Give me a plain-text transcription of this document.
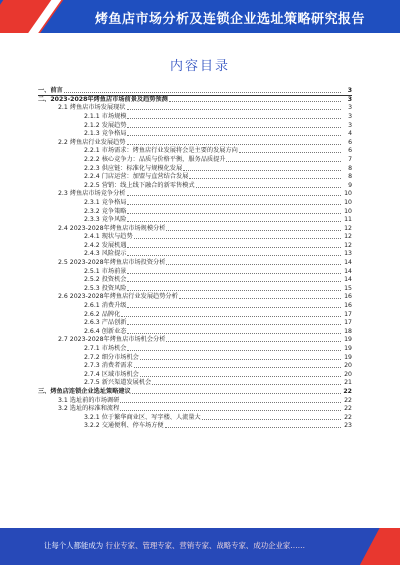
烤鱼店市场分析及连锁企业选址策略研究报告
内容目录
一、前言	3
二、2023-2028年烤鱼店市场前景及趋势预测	3
2.1 烤鱼店市场发展现状	3
2.1.1 市场规模	3
2.1.2 发展趋势	3
2.1.3 竞争格局	4
2.2 烤鱼店行业发展趋势	6
2.2.1 市场需求：烤鱼店行业发展将会是主要的发展方向	6
2.2.2 核心竞争力：品质与价格平衡，服务品质提升	7
2.2.3 供应链：标准化与规模化发展	8
2.2.4 门店运营：加盟与直营结合发展	8
2.2.5 营销：线上线下融合的新零售模式	9
2.3 烤鱼店市场竞争分析	10
2.3.1 竞争格局	10
2.3.2 竞争策略	10
2.3.3 竞争风险	11
2.4 2023-2028年烤鱼店市场规模分析	12
2.4.1 现状与趋势	12
2.4.2 发展机遇	12
2.4.3 风险提示	13
2.5 2023-2028年烤鱼店市场投资分析	14
2.5.1 市场前景	14
2.5.2 投资机会	14
2.5.3 投资风险	15
2.6 2023-2028年烤鱼店行业发展趋势分析	16
2.6.1 消费升级	16
2.6.2 品牌化	17
2.6.3 产品创新	17
2.6.4 创新业态	18
2.7 2023-2028年烤鱼店市场机会分析	19
2.7.1 市场机会	19
2.7.2 细分市场机会	19
2.7.3 消费者需求	20
2.7.4 区域市场机会	20
2.7.5 新兴渠道发展机会	21
三、烤鱼店连锁企业选址策略建议	22
3.1 选址前的市场调研	22
3.2 选址的标准和流程	22
3.2.1 位于繁华商业区、写字楼、人流量大	22
3.2.2 交通便利、停车场方便	23
让每个人都能成为 行业专家、管理专家、营销专家、战略专家、成功企业家……
